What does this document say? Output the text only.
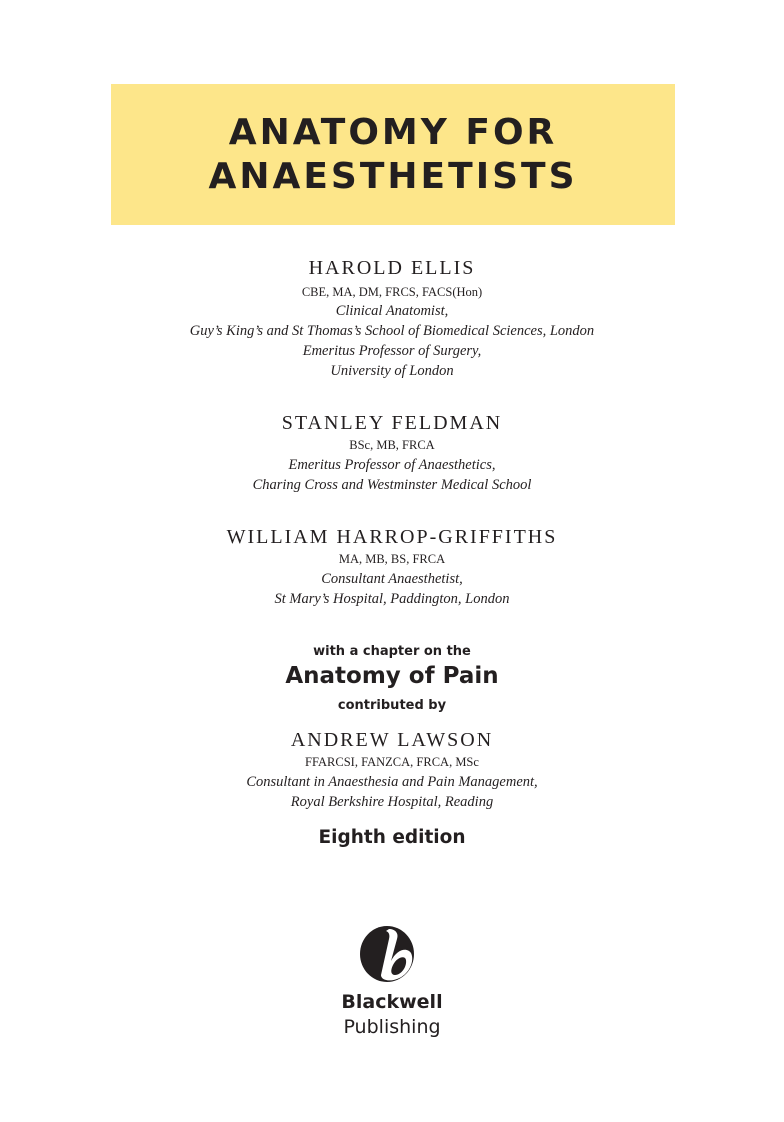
ANATOMY FOR
ANAESTHETISTS
HAROLD ELLIS
CBE, MA, DM, FRCS, FACS(Hon)
Clinical Anatomist,
Guy’s King’s and St Thomas’s School of Biomedical Sciences, London
Emeritus Professor of Surgery,
University of London
STANLEY FELDMAN
BSc, MB, FRCA
Emeritus Professor of Anaesthetics,
Charing Cross and Westminster Medical School
WILLIAM HARROP-GRIFFITHS
MA, MB, BS, FRCA
Consultant Anaesthetist,
St Mary’s Hospital, Paddington, London
with a chapter on the
Anatomy of Pain
contributed by
ANDREW LAWSON
FFARCSI, FANZCA, FRCA, MSc
Consultant in Anaesthesia and Pain Management,
Royal Berkshire Hospital, Reading
Eighth edition
Blackwell
Publishing
